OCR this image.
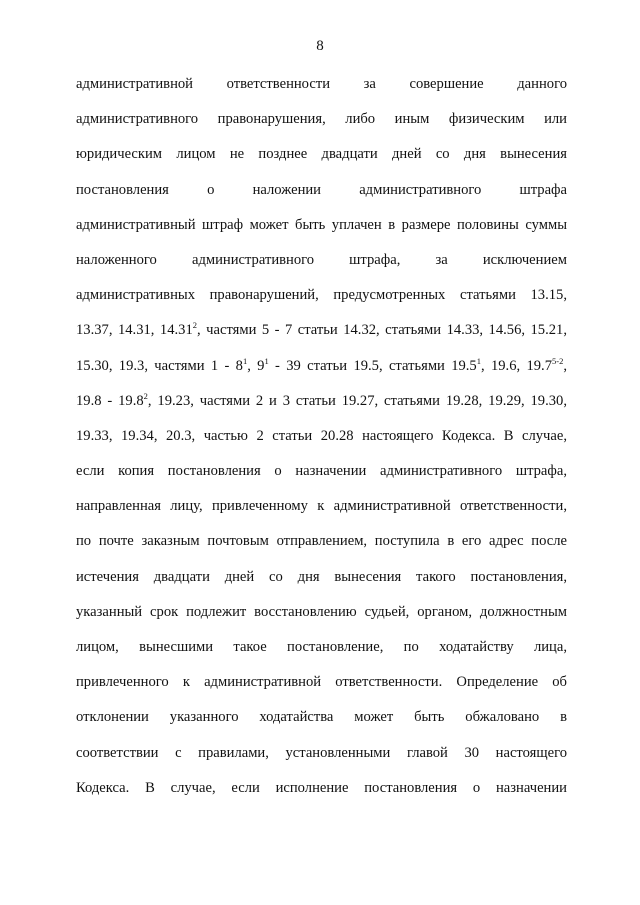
8
административной ответственности за совершение данного
административного правонарушения, либо иным физическим или
юридическим лицом не позднее двадцати дней со дня вынесения
постановления о наложении административного штрафа
административный штраф может быть уплачен в размере половины суммы
наложенного административного штрафа, за исключением
административных правонарушений, предусмотренных статьями 13.15,
13.37, 14.31, 14.31$^2$, частями 5 - 7 статьи 14.32, статьями 14.33, 14.56, 15.21,
15.30, 19.3, частями $1 - 8^1$, $9^1 - 39$ статьи 19.5, статьями 19.5$^1$, 19.6, 19.7$^{5-2}$,
19.8 - 19.8$^2$, 19.23, частями 2 и 3 статьи 19.27, статьями 19.28, 19.29, 19.30,
19.33, 19.34, 20.3, частью 2 статьи 20.28 настоящего Кодекса. В случае,
если копия постановления о назначении административного штрафа,
направленная лицу, привлеченному к административной ответственности,
по почте заказным почтовым отправлением, поступила в его адрес после
истечения двадцати дней со дня вынесения такого постановления,
указанный срок подлежит восстановлению судьей, органом, должностным
лицом, вынесшими такое постановление, по ходатайству лица,
привлеченного к административной ответственности. Определение об
отклонении указанного ходатайства может быть обжаловано в
соответствии с правилами, установленными главой 30 настоящего
Кодекса. В случае, если исполнение постановления о назначении
